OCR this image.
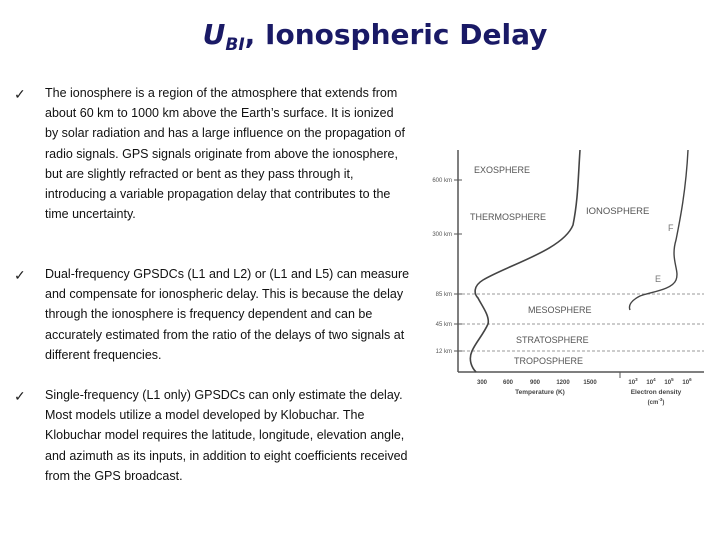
$U_{BI}$, Ionospheric Delay
✓ The ionosphere is a region of the atmosphere that extends from about 60 km to 1000 km above the Earth’s surface. It is ionized by solar radiation and has a large influence on the propagation of radio signals. GPS signals originate from above the ionosphere, but are slightly refracted or bent as they pass through it, introducing a variable propagation delay that contributes to the time uncertainty.
✓ Dual-frequency GPSDCs (L1 and L2) or (L1 and L5) can measure and compensate for ionospheric delay. This is because the delay through the ionosphere is frequency dependent and can be accurately estimated from the ratio of the delays of two signals at different frequencies.
✓ Single-frequency (L1 only) GPSDCs can only estimate the delay. Most models utilize a model developed by Klobuchar. The Klobuchar model requires the latitude, longitude, elevation angle, and azimuth as its inputs, in addition to eight coefficients received from the GPS broadcast.
600 km
300 km
85 km
45 km
12 km
EXOSPHERE
THERMOSPHERE	IONOSPHERE
F
E
MESOSPHERE
STRATOSPHERE
TROPOSPHERE
300	600	900	1200 1500
Temperature (K)
$10^3$
$10^4$
$10^5$
$10^6$
Electron density
$(cm^{-3})$
